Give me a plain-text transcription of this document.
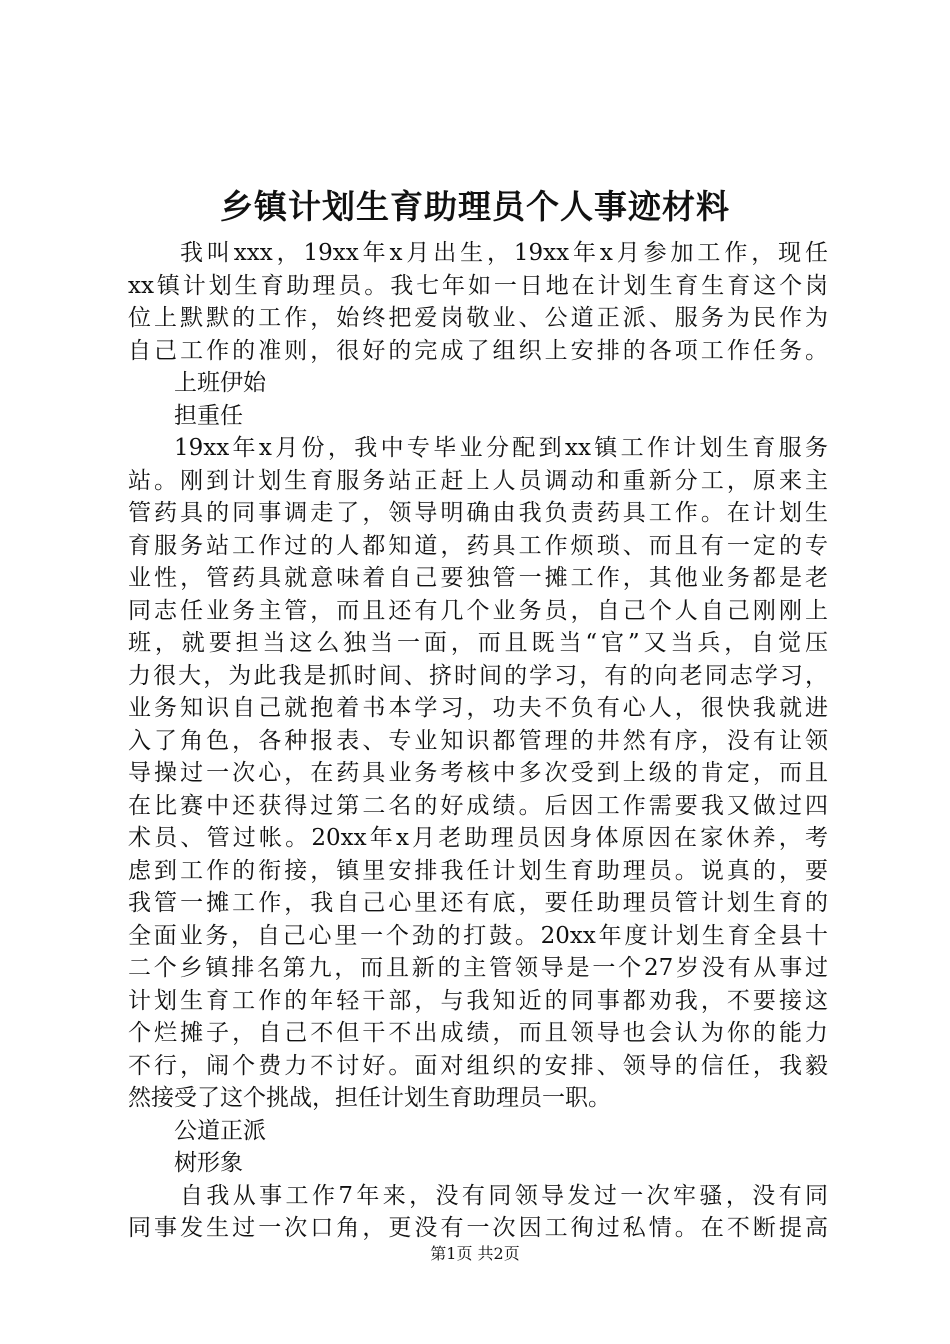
乡镇计划生育助理员个人事迹材料
我叫xxx，19xx年x月出生，19xx年x月参加工作，现任
xx镇计划生育助理员。我七年如一日地在计划生育生育这个岗
位上默默的工作，始终把爱岗敬业、公道正派、服务为民作为
自己工作的准则，很好的完成了组织上安排的各项工作任务。
上班伊始
担重任
19xx年x月份，我中专毕业分配到xx镇工作计划生育服务
站。刚到计划生育服务站正赶上人员调动和重新分工，原来主
管药具的同事调走了，领导明确由我负责药具工作。在计划生
育服务站工作过的人都知道，药具工作烦琐、而且有一定的专
业性，管药具就意味着自己要独管一摊工作，其他业务都是老
同志任业务主管，而且还有几个业务员，自己个人自己刚刚上
班，就要担当这么独当一面，而且既当“官”又当兵，自觉压
力很大，为此我是抓时间、挤时间的学习，有的向老同志学习，
业务知识自己就抱着书本学习，功夫不负有心人，很快我就进
入了角色，各种报表、专业知识都管理的井然有序，没有让领
导操过一次心，在药具业务考核中多次受到上级的肯定，而且
在比赛中还获得过第二名的好成绩。后因工作需要我又做过四
术员、管过帐。20xx年x月老助理员因身体原因在家休养，考
虑到工作的衔接，镇里安排我任计划生育助理员。说真的，要
我管一摊工作，我自己心里还有底，要任助理员管计划生育的
全面业务，自己心里一个劲的打鼓。20xx年度计划生育全县十
二个乡镇排名第九，而且新的主管领导是一个27岁没有从事过
计划生育工作的年轻干部，与我知近的同事都劝我，不要接这
个烂摊子，自己不但干不出成绩，而且领导也会认为你的能力
不行，闹个费力不讨好。面对组织的安排、领导的信任，我毅
然接受了这个挑战，担任计划生育助理员一职。
公道正派
树形象
自我从事工作7年来，没有同领导发过一次牢骚，没有同
同事发生过一次口角，更没有一次因工徇过私情。在不断提高
第1页 共2页
